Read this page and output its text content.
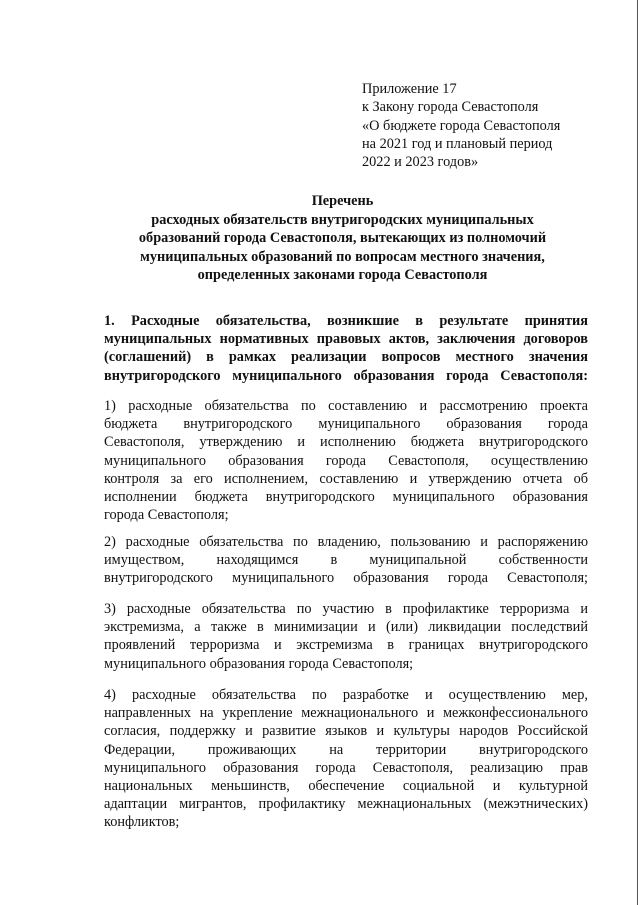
Приложение 17
к Закону города Севастополя
«О бюджете города Севастополя
на 2021 год и плановый период
2022 и 2023 годов»
Перечень
расходных обязательств внутригородских муниципальных
образований города Севастополя, вытекающих из полномочий
муниципальных образований по вопросам местного значения,
определенных законами города Севастополя
1. Расходные обязательства, возникшие в результате принятия
муниципальных нормативных правовых актов, заключения договоров
(соглашений) в рамках реализации вопросов местного значения
внутригородского муниципального образования города Севастополя:
1) расходные обязательства по составлению и рассмотрению проекта
бюджета внутригородского муниципального образования города
Севастополя, утверждению и исполнению бюджета внутригородского
муниципального образования города Севастополя, осуществлению
контроля за его исполнением, составлению и утверждению отчета об
исполнении бюджета внутригородского муниципального образования
города Севастополя;
2) расходные обязательства по владению, пользованию и распоряжению
имуществом, находящимся в муниципальной собственности
внутригородского муниципального образования города Севастополя;
3) расходные обязательства по участию в профилактике терроризма и
экстремизма, а также в минимизации и (или) ликвидации последствий
проявлений терроризма и экстремизма в границах внутригородского
муниципального образования города Севастополя;
4) расходные обязательства по разработке и осуществлению мер,
направленных на укрепление межнационального и межконфессионального
согласия, поддержку и развитие языков и культуры народов Российской
Федерации, проживающих на территории внутригородского
муниципального образования города Севастополя, реализацию прав
национальных меньшинств, обеспечение социальной и культурной
адаптации мигрантов, профилактику межнациональных (межэтнических)
конфликтов;
